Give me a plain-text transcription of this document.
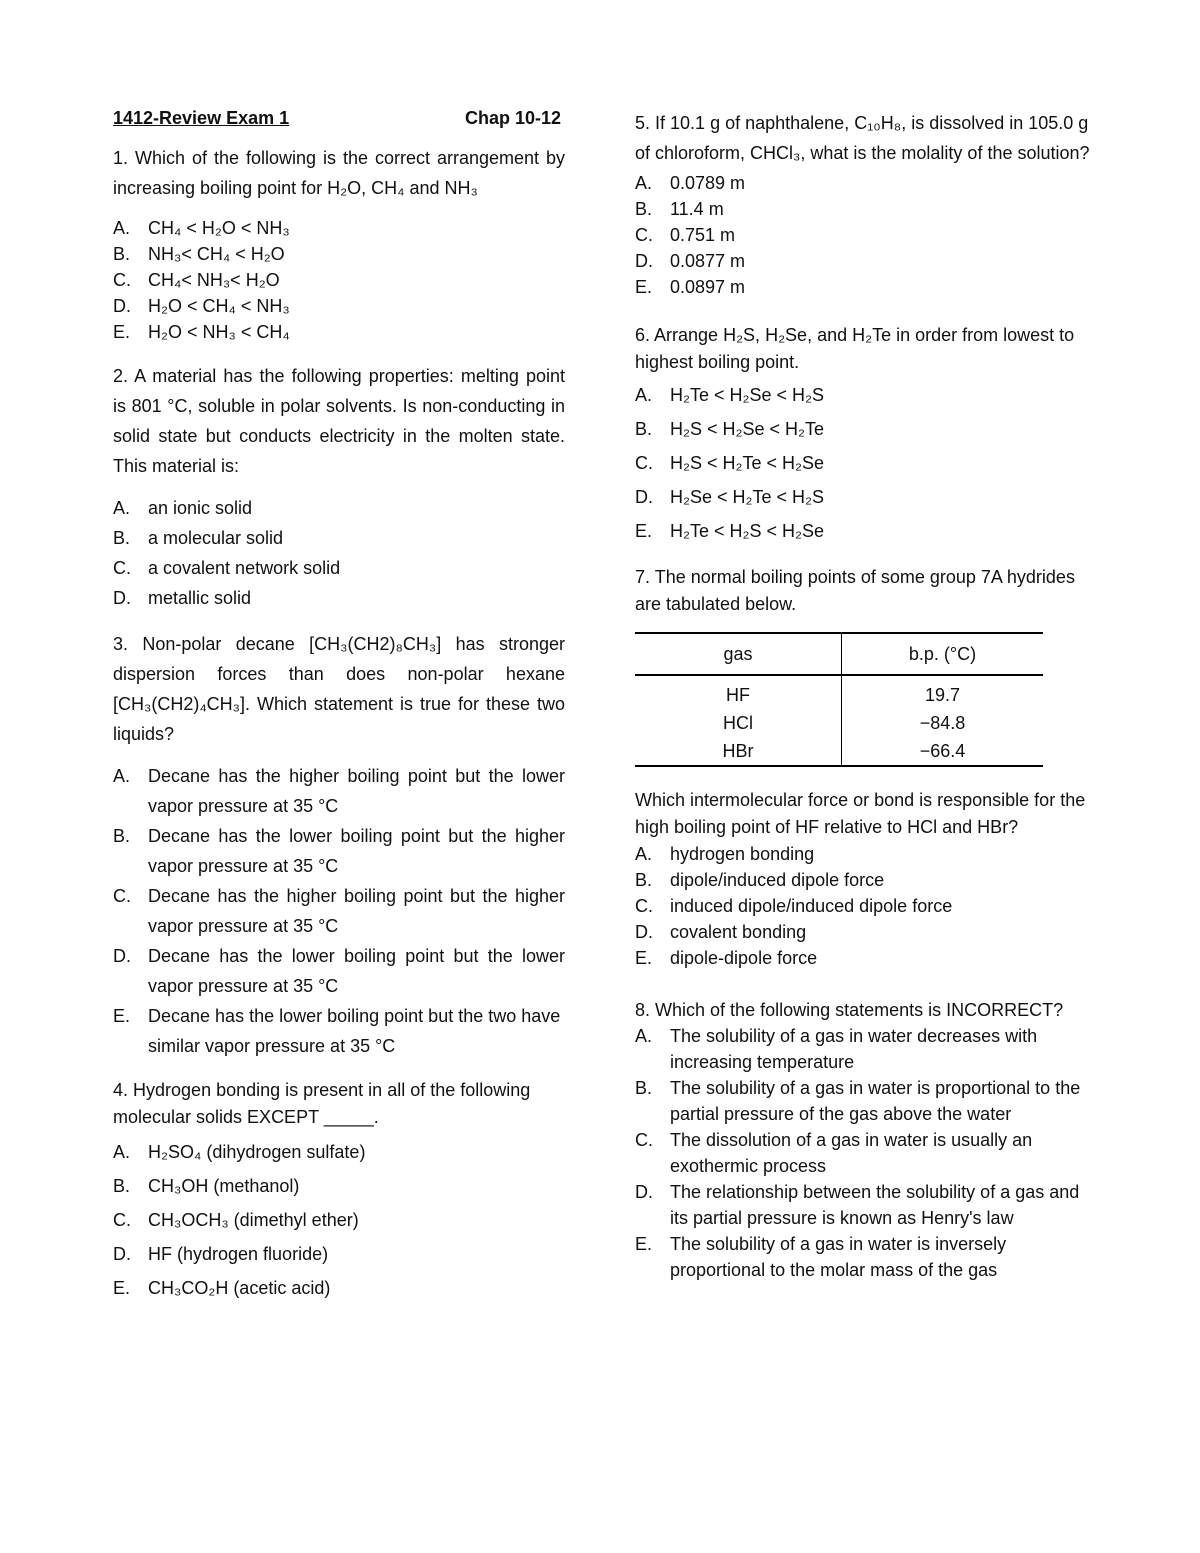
1412-Review Exam 1	Chap 10-12
1. Which of the following is the correct arrangement by increasing boiling point for H₂O, CH₄ and NH₃
A. CH₄ < H₂O < NH₃
B. NH₃< CH₄ < H₂O
C. CH₄< NH₃< H₂O
D. H₂O < CH₄ < NH₃
E. H₂O < NH₃ < CH₄
2. A material has the following properties: melting point is 801 °C, soluble in polar solvents. Is non-conducting in solid state but conducts electricity in the molten state. This material is:
A. an ionic solid
B. a molecular solid
C. a covalent network solid
D. metallic solid
3. Non-polar decane [CH₃(CH2)₈CH₃] has stronger dispersion forces than does non-polar hexane [CH₃(CH2)₄CH₃]. Which statement is true for these two liquids?
A. Decane has the higher boiling point but the lower vapor pressure at 35 °C
B. Decane has the lower boiling point but the higher vapor pressure at 35 °C
C. Decane has the higher boiling point but the higher vapor pressure at 35 °C
D. Decane has the lower boiling point but the lower vapor pressure at 35 °C
E. Decane has the lower boiling point but the two have similar vapor pressure at 35 °C
4. Hydrogen bonding is present in all of the following molecular solids EXCEPT _____.
A. H₂SO₄ (dihydrogen sulfate)
B. CH₃OH (methanol)
C. CH₃OCH₃ (dimethyl ether)
D. HF (hydrogen fluoride)
E. CH₃CO₂H (acetic acid)
5. If 10.1 g of naphthalene, C₁₀H₈, is dissolved in 105.0 g of chloroform, CHCl₃, what is the molality of the solution?
A. 0.0789 m
B. 11.4 m
C. 0.751 m
D. 0.0877 m
E. 0.0897 m
6. Arrange H₂S, H₂Se, and H₂Te in order from lowest to highest boiling point.
A. H₂Te < H₂Se < H₂S
B. H₂S < H₂Se < H₂Te
C. H₂S < H₂Te < H₂Se
D. H₂Se < H₂Te < H₂S
E. H₂Te < H₂S < H₂Se
7. The normal boiling points of some group 7A hydrides are tabulated below.
gas	b.p. (°C)
HF	19.7
HCl	−84.8
HBr	−66.4
Which intermolecular force or bond is responsible for the high boiling point of HF relative to HCl and HBr?
A. hydrogen bonding
B. dipole/induced dipole force
C. induced dipole/induced dipole force
D. covalent bonding
E. dipole-dipole force
8. Which of the following statements is INCORRECT?
A. The solubility of a gas in water decreases with increasing temperature
B. The solubility of a gas in water is proportional to the partial pressure of the gas above the water
C. The dissolution of a gas in water is usually an exothermic process
D. The relationship between the solubility of a gas and its partial pressure is known as Henry's law
E. The solubility of a gas in water is inversely proportional to the molar mass of the gas
